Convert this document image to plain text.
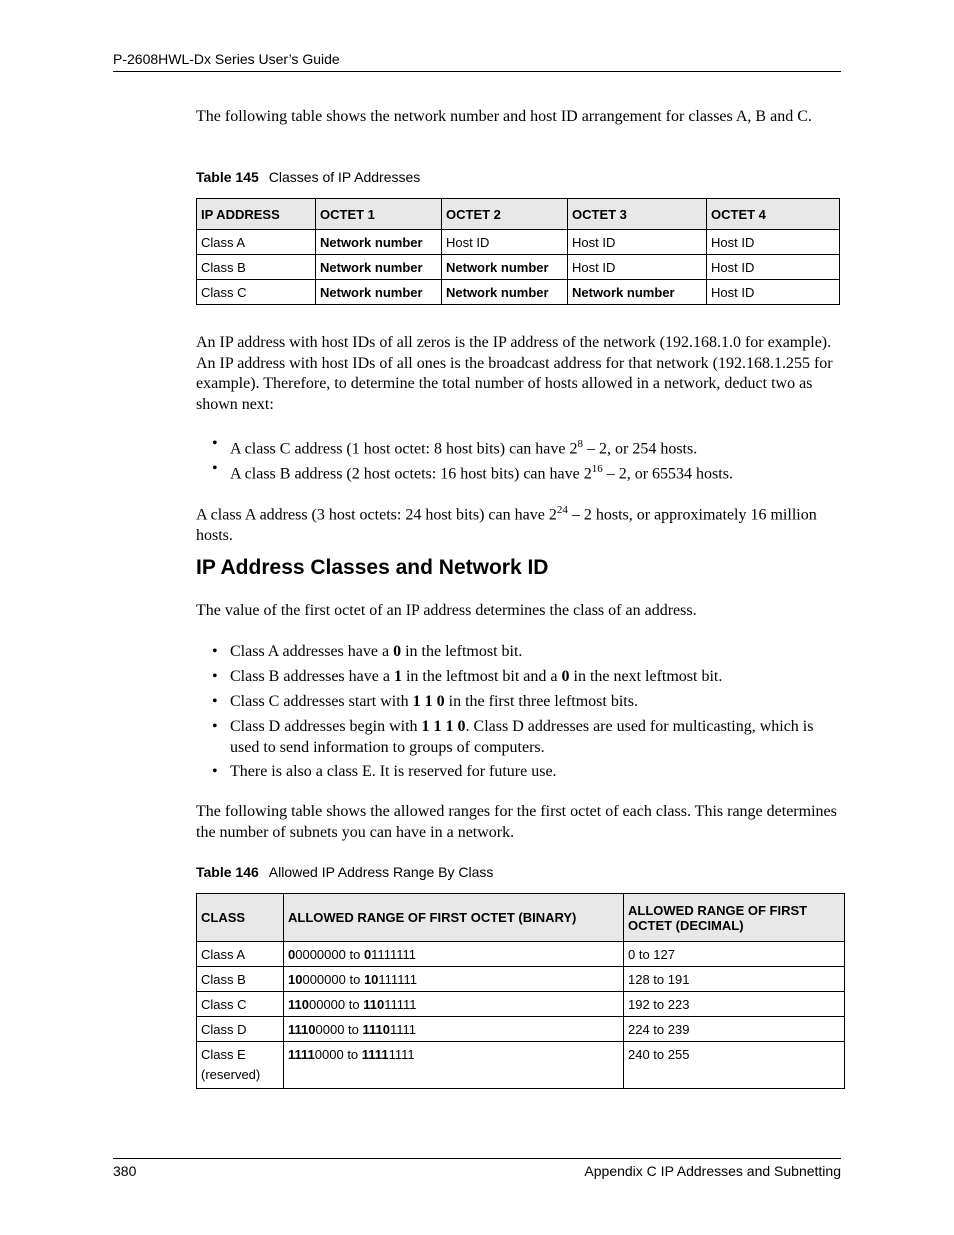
P-2608HWL-Dx Series User’s Guide

The following table shows the network number and host ID arrangement for classes A, B and C.

Table 145 Classes of IP Addresses
IP ADDRESS	OCTET 1	OCTET 2	OCTET 3	OCTET 4
Class A	Network number	Host ID	Host ID	Host ID
Class B	Network number	Network number	Host ID	Host ID
Class C	Network number	Network number	Network number	Host ID

An IP address with host IDs of all zeros is the IP address of the network (192.168.1.0 for example). An IP address with host IDs of all ones is the broadcast address for that network (192.168.1.255 for example). Therefore, to determine the total number of hosts allowed in a network, deduct two as shown next:

• A class C address (1 host octet: 8 host bits) can have $2^8 - 2$, or 254 hosts.
• A class B address (2 host octets: 16 host bits) can have $2^{16} - 2$, or 65534 hosts.

A class A address (3 host octets: 24 host bits) can have $2^{24} - 2$ hosts, or approximately 16 million hosts.

IP Address Classes and Network ID

The value of the first octet of an IP address determines the class of an address.

• Class A addresses have a 0 in the leftmost bit.
• Class B addresses have a 1 in the leftmost bit and a 0 in the next leftmost bit.
• Class C addresses start with 1 1 0 in the first three leftmost bits.
• Class D addresses begin with 1 1 1 0. Class D addresses are used for multicasting, which is used to send information to groups of computers.
• There is also a class E. It is reserved for future use.

The following table shows the allowed ranges for the first octet of each class. This range determines the number of subnets you can have in a network.

Table 146 Allowed IP Address Range By Class
CLASS	ALLOWED RANGE OF FIRST OCTET (BINARY)	ALLOWED RANGE OF FIRST OCTET (DECIMAL)
Class A	00000000 to 01111111	0 to 127
Class B	10000000 to 10111111	128 to 191
Class C	11000000 to 11011111	192 to 223
Class D	11100000 to 11101111	224 to 239
Class E (reserved)	11110000 to 11111111	240 to 255
380	Appendix C IP Addresses and Subnetting
